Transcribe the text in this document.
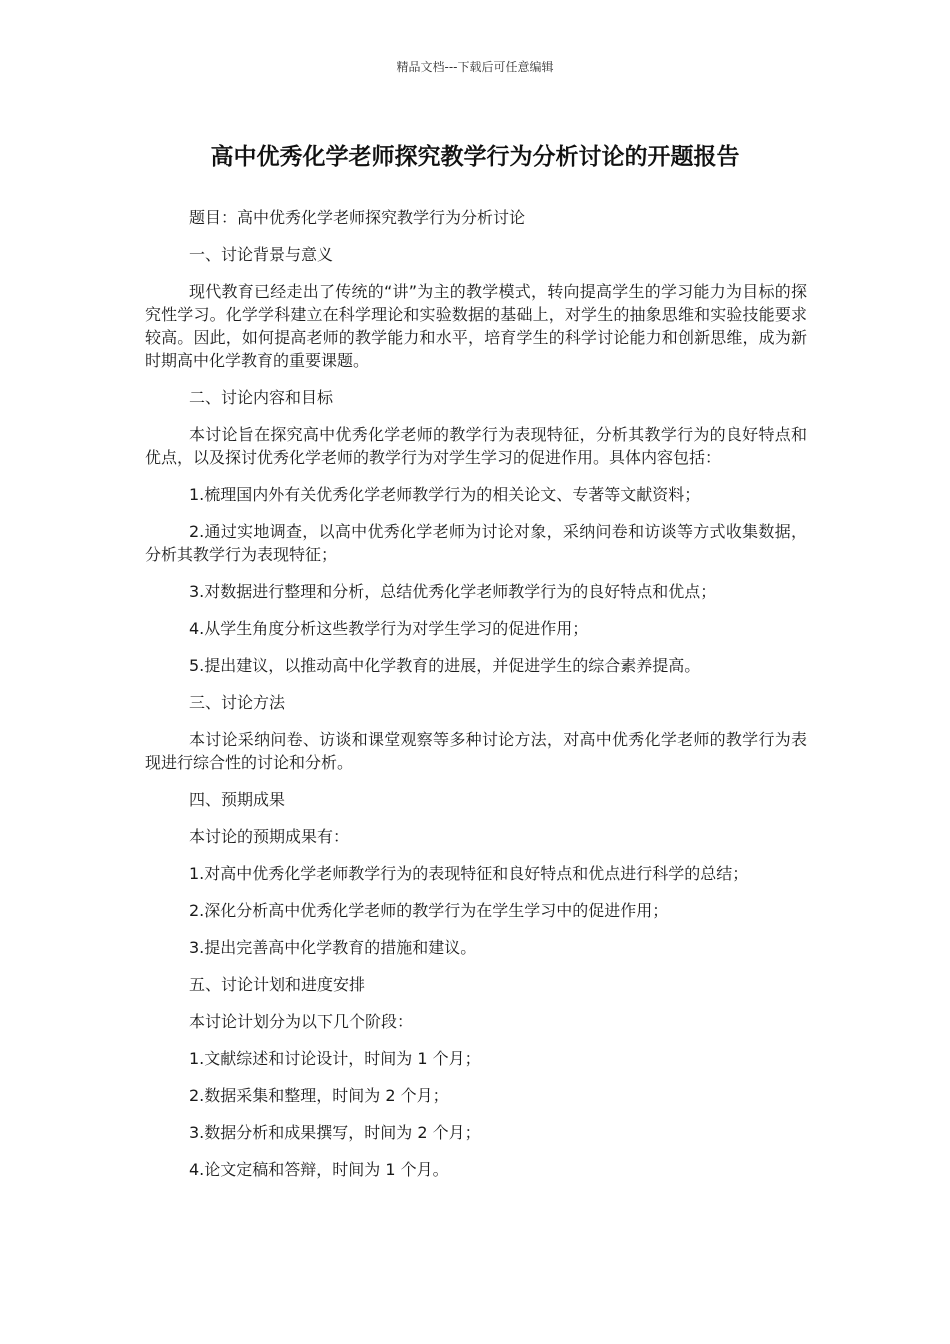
精品文档---下载后可任意编辑
高中优秀化学老师探究教学行为分析讨论的开题报告

题目：高中优秀化学老师探究教学行为分析讨论

一、讨论背景与意义

现代教育已经走出了传统的“讲”为主的教学模式，转向提高学生的学习能力为目标的探究性学习。化学学科建立在科学理论和实验数据的基础上，对学生的抽象思维和实验技能要求较高。因此，如何提高老师的教学能力和水平，培育学生的科学讨论能力和创新思维，成为新时期高中化学教育的重要课题。

二、讨论内容和目标

本讨论旨在探究高中优秀化学老师的教学行为表现特征，分析其教学行为的良好特点和优点，以及探讨优秀化学老师的教学行为对学生学习的促进作用。具体内容包括：

1.梳理国内外有关优秀化学老师教学行为的相关论文、专著等文献资料；

2.通过实地调查，以高中优秀化学老师为讨论对象，采纳问卷和访谈等方式收集数据，分析其教学行为表现特征；

3.对数据进行整理和分析，总结优秀化学老师教学行为的良好特点和优点；

4.从学生角度分析这些教学行为对学生学习的促进作用；

5.提出建议，以推动高中化学教育的进展，并促进学生的综合素养提高。

三、讨论方法

本讨论采纳问卷、访谈和课堂观察等多种讨论方法，对高中优秀化学老师的教学行为表现进行综合性的讨论和分析。

四、预期成果

本讨论的预期成果有：

1.对高中优秀化学老师教学行为的表现特征和良好特点和优点进行科学的总结；

2.深化分析高中优秀化学老师的教学行为在学生学习中的促进作用；

3.提出完善高中化学教育的措施和建议。

五、讨论计划和进度安排

本讨论计划分为以下几个阶段：

1.文献综述和讨论设计，时间为 1 个月；

2.数据采集和整理，时间为 2 个月；

3.数据分析和成果撰写，时间为 2 个月；

4.论文定稿和答辩，时间为 1 个月。
